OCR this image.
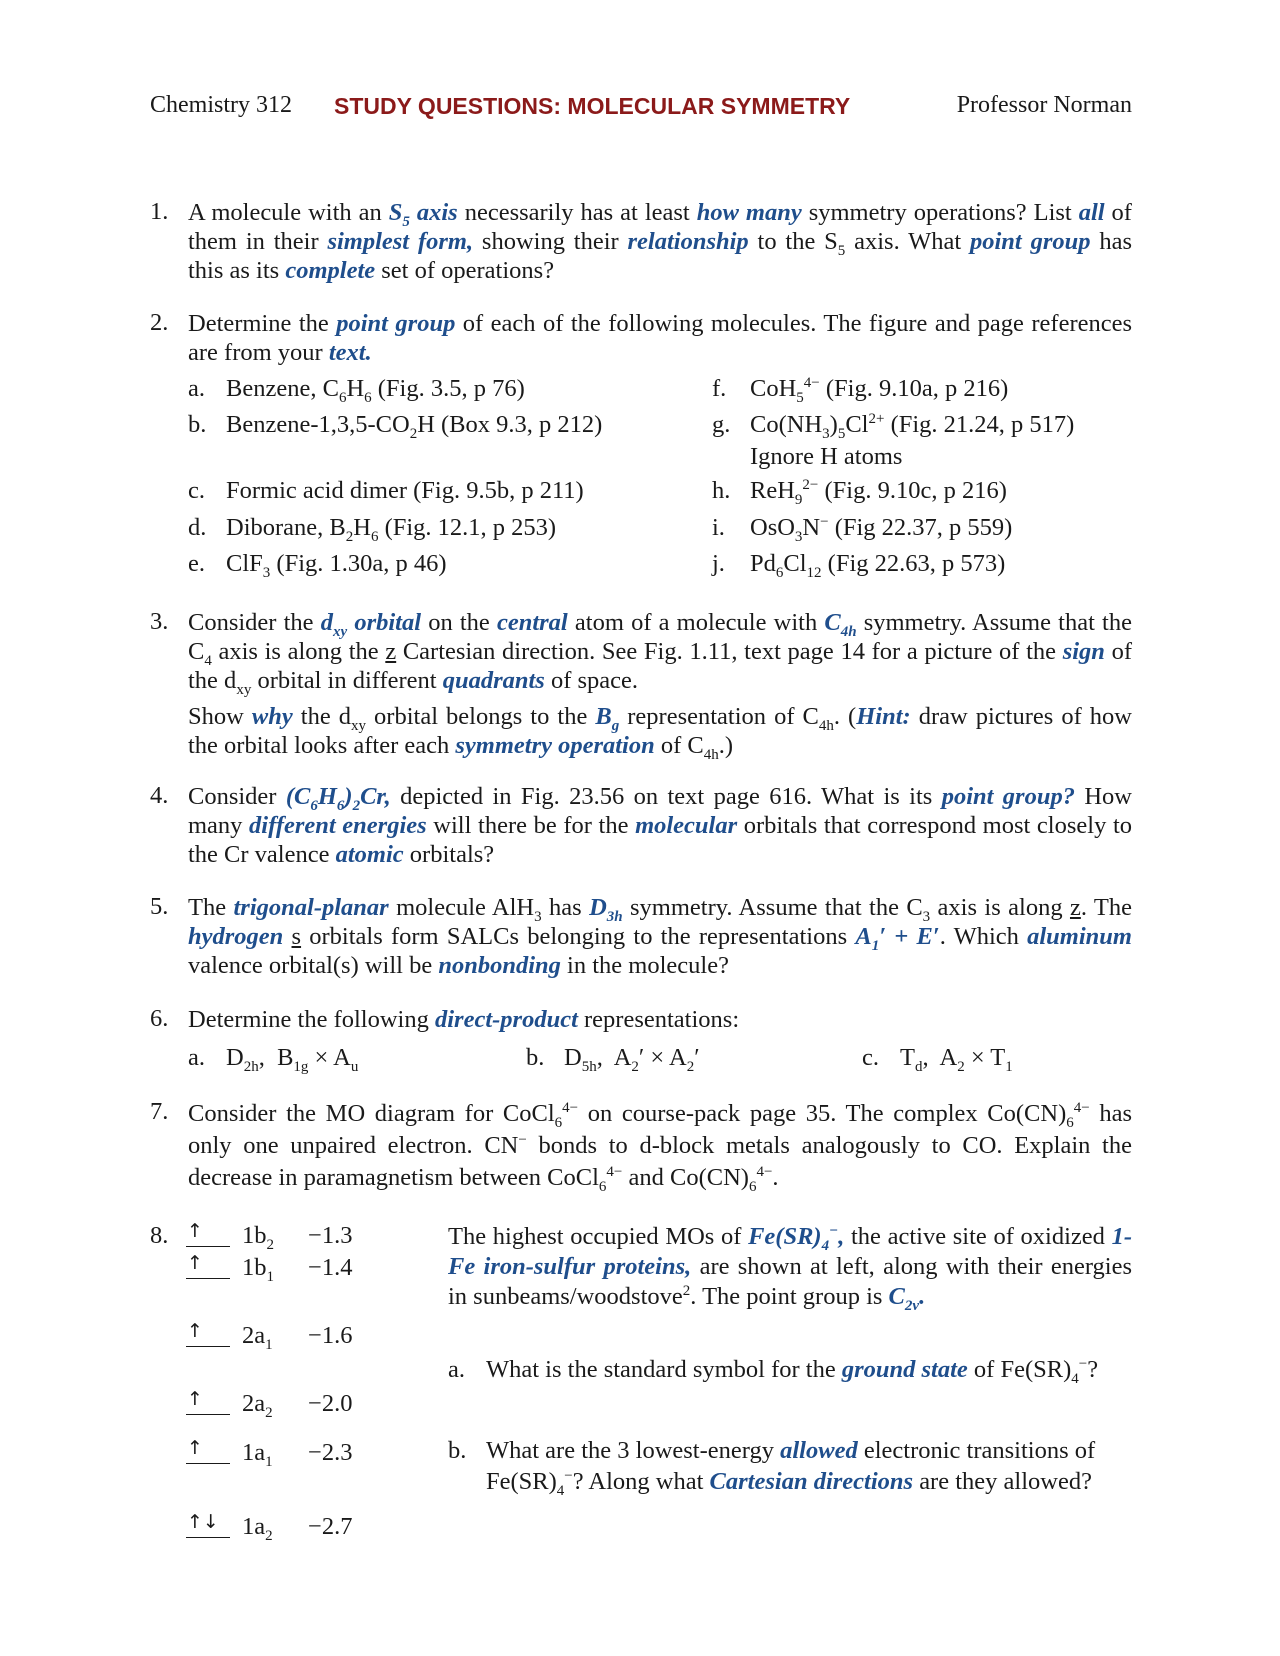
Chemistry 312 STUDY QUESTIONS: MOLECULAR SYMMETRY	Professor Norman
1. A molecule with an $S_5$ axis necessarily has at least how many symmetry operations? List all of them in their simplest form, showing their relationship to the $S_5$ axis. What point group has this as its complete set of operations?
2. Determine the point group of each of the following molecules. The figure and page references are from your text.
a. Benzene, $C_6H_6$ (Fig. 3.5, p 76)
b. Benzene-$1,3,5-CO_2H$ (Box 9.3, p 212)
c. Formic acid dimer (Fig. 9.5b, p 211)
d. Diborane, $B_2H_6$ (Fig. 12.1, p 253)
e. ClF$_3$ (Fig. 1.30a, p 46)
f. CoH$_5^{4-}$ (Fig. 9.10a, p 216)
g. $Co(NH_3)_5Cl^{2+}$ (Fig. 21.24, p 517)
Ignore H atoms
h. ReH$_9^{2-}$ (Fig. 9.10c, p 216)
i. OsO$_3$N− (Fig 22.37, p 559)
j. $Pd_6Cl_{12}$ (Fig 22.63, p 573)
3. Consider the $d_{xy}$ orbital on the central atom of a molecule with $C_{4h}$ symmetry. Assume that the $C_4$ axis is along the z Cartesian direction. See Fig. 1.11, text page 14 for a picture of the sign of the $d_{xy}$ orbital in different quadrants of space.
Show why the $d_{xy}$ orbital belongs to the $B_g$ representation of $C_{4h}$. (Hint: draw pictures of how the orbital looks after each symmetry operation of $C_{4h}$.)
4. Consider $(C_6H_6)_2Cr$, depicted in Fig. 23.56 on text page 616. What is its point group? How many different energies will there be for the molecular orbitals that correspond most closely to the Cr valence atomic orbitals?
5. The trigonal-planar molecule AlH$_3$ has $D_{3h}$ symmetry. Assume that the $C_3$ axis is along z. The hydrogen s orbitals form SALCs belonging to the representations $A_1' + E'$. Which aluminum valence orbital(s) will be nonbonding in the molecule?
6. Determine the following direct-product representations:
a. $D_{2h}$,  $B_{1g} \times A_u$	b. $D_{5h}$,  $A_2' \times A_2'$	c. $T_d$,  $A_2 \times T_1$
7. Consider the MO diagram for CoCl$_6^{4-}$ on course-pack page 35. The complex $Co(CN)_6^{4-}$ has only one unpaired electron. CN− bonds to d-block metals analogously to CO. Explain the decrease in paramagnetism between CoCl$_6^{4-}$ and $Co(CN)_6^{4-}$.
8. ↑ $1b_2 -1.3$
↑ $1b_1 -1.4$
↑ $2a_1 -1.6$
↑ $2a_2 -2.0$
↑ $1a_1 -2.3$
↑↓ $1a_2 -2.7$
The highest occupied MOs of $Fe(SR)_4^-$, the active site of oxidized 1-Fe iron-sulfur proteins, are shown at left, along with their energies in sunbeams/woodstove$^2$. The point group is $C_{2v}$.
a. What is the standard symbol for the ground state of $Fe(SR)_4^-$?
b. What are the 3 lowest-energy allowed electronic transitions of
$Fe(SR)_4^-$? Along what Cartesian directions are they allowed?
